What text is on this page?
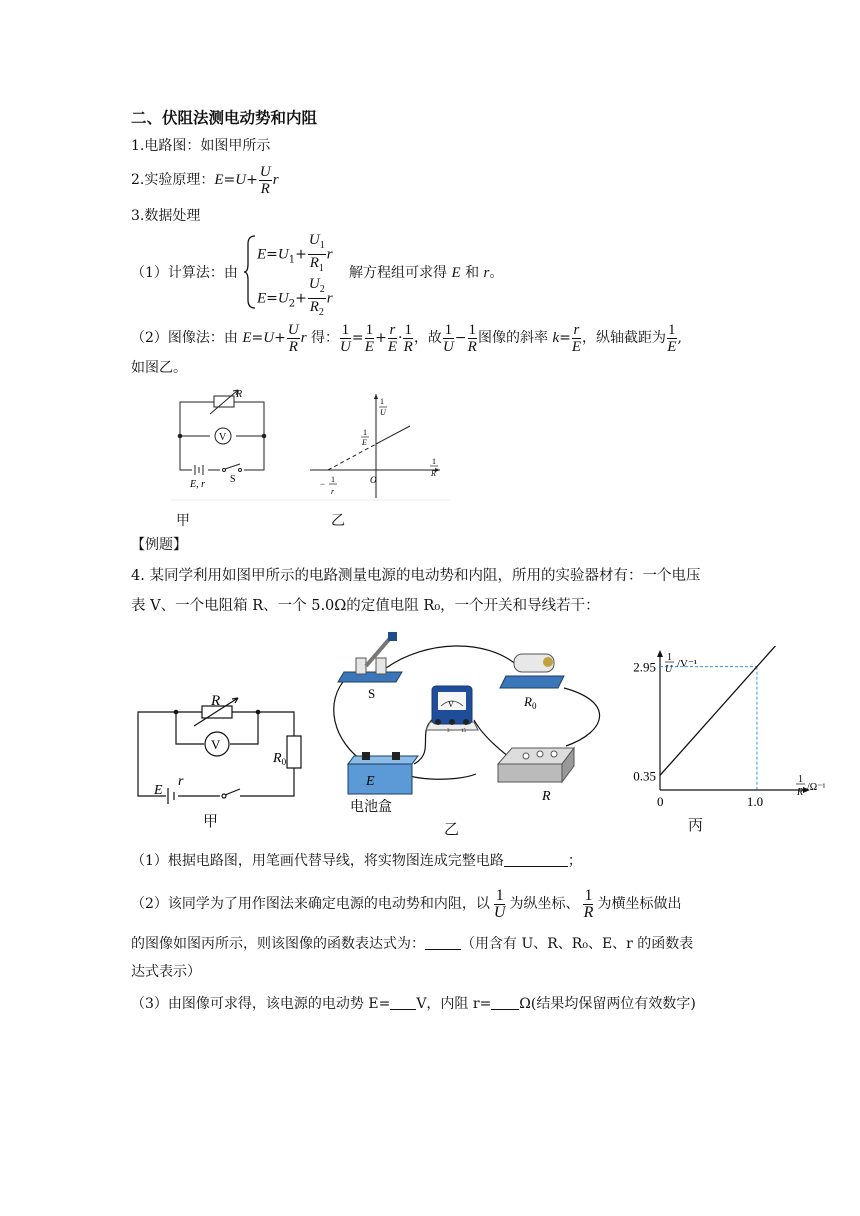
二、伏阻法测电动势和内阻
1.电路图：如图甲所示
2.实验原理：$E=U+ \frac{U}{R}$ r
3.数据处理
（1）计算法：由
$E=U_1+ \frac{U_1}{R_1}$ r
$E=U_2+ \frac{U_2}{R_2}$ r
解方程组可求得 E 和 r。
（2）图像法：由 $E=U+ \frac{U}{R}$ r 得： $\frac{1}{U} = \frac{1}{E} + \frac{r}{E} \cdot \frac{1}{R}$ ，故 $\frac{1}{U} - \frac{1}{R}$ 图像的斜率 $k= \frac{r}{E}$ ，纵轴截距为 $\frac{1}{E}$ ,
如图乙。
R
V
E, r	S
1
U
1
E
1
R
− 1
r
O
甲	乙
【例题】
4. 某同学利用如图甲所示的电路测量电源的电动势和内阻，所用的实验器材有：一个电压
表 V、一个电阻箱 R、一个 5.0Ω的定值电阻 R₀，一个开关和导线若干：
R
V
$R_0$
E
r
甲
S
$R_0$
V
3 15
E
电池盒
R
乙
2.95
0.35
0	1.0
1
U /V⁻¹
1
R /Ω⁻¹
丙
（1）根据电路图，用笔画代替导线，将实物图连成完整电路	；
（2）该同学为了用作图法来确定电源的电动势和内阻，以 $\frac{1}{U}$ 为纵坐标、 $\frac{1}{R}$ 为横坐标做出
的图像如图丙所示，则该图像的函数表达式为：	（用含有 U、R、R₀、E、r 的函数表
达式表示）
（3）由图像可求得，该电源的电动势 E= V，内阻 r= Ω(结果均保留两位有效数字)
